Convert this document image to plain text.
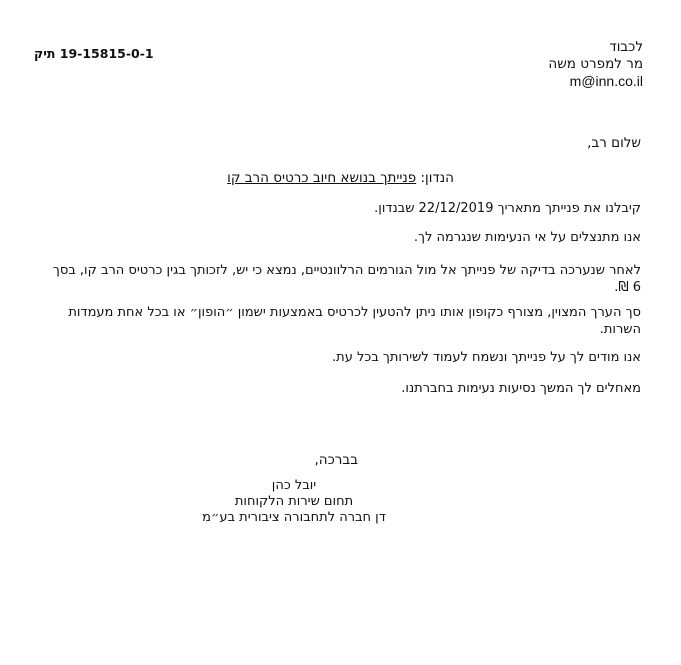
19-15815-0-1 תיק	לכבוד
מר למפרט משה
m@inn.co.il
שלום רב,
הנדון: פנייתך בנושא חיוב כרטיס הרב קו
קיבלנו את פנייתך מתאריך 22/12/2019 שבנדון.
אנו מתנצלים על אי הנעימות שנגרמה לך.
לאחר שנערכה בדיקה של פנייתך אל מול הגורמים הרלוונטיים, נמצא כי יש, לזכותך בגין כרטיס הרב קו, בסך 6 ₪.
סך הערך המצוין, מצורף כקופון אותו ניתן להטעין לכרטיס באמצעות ישמון ״הופון״ או בכל אחת מעמדות השרות.
אנו מודים לך על פנייתך ונשמח לעמוד לשירותך בכל עת.
מאחלים לך המשך נסיעות נעימות בחברתנו.
בברכה,
יובל כהן
תחום שירות הלקוחות
דן חברה לתחבורה ציבורית בע״מ
